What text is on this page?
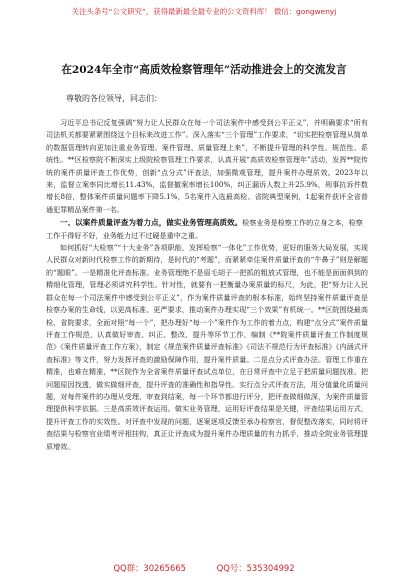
关注头条号“公文研究”，获得最新最全最专业的公文资料库！ 微信：gongwenyj
在2024年全市“高质效检察管理年”活动推进会上的交流发言
尊敬的各位领导，同志们：

习近平总书记反复强调“努力让人民群众在每一个司法案件中感受到公平正义”，并明确要求“所有司法机关都要紧紧围绕这个目标来改进工作”。深入落实“三个管理”工作要求，“切实把检察管理从简单的数据管理转向更加注重业务管理、案件管理、质量管理上来”，不断提升管理的科学性、规范性、系统性。**区检察院不断深实上级院检察管理工作要求，认真开展“高质效检察管理年”活动，发挥**院传统的案件质量评查工作优势，创新“点分式”评查法，加强微观管理，提升案件办理质效。2023年以来，监督立案率同比增长11.43%，监督撤案率增长100%，纠正漏诉人数上升25.9%，刑事抗诉件数增长8倍，整体案件质量问题率下降5.1%，5名案件入选最高检、省院典型案例，1起案件获评全省普通犯罪精品案件第一名。

一、以案件质量评查为着力点，做实业务管理高质效。检察业务是检察工作的立身之本，检察工作干得好不好，业务能力过不过硬是重中之重。

如何抓好“大检察”“十大业务”各项职能，发挥检察“一体化”工作优势，更好的服务大局发展，实现人民群众对新时代检察工作的新期待，是时代的“考题”，而紧紧牵住案件质量评查的“牛鼻子”则是解题的“题眼”。一是精准化评查标准。业务管理绝不是眉毛胡子一把抓的粗放式管理，也不能是面面俱到的精细化管理，管理必须讲究科学性。针对性，就要有一把衡量办案质量的标尺，为此，把“努力让人民群众在每一个司法案件中感受到公平正义”，作为案件质量评查的根本标准，始终坚持案件质量评查是检察办案的生命线，以更高标准、更严要求，推动案件办理实现“三个效果”有机统一。**区院围绕最高检、省院要求，全面对照“每一个”，把办理好“每一个”案件作为工作的着力点，构建“点分式”案件质量评查工作规范，认真做好审查、纠正、整改、提升等环节工作，编制《**院案件质量评查工作制度规范》《案件质量评查工作方案》，制定《规范案件质量评查标准》《司法不规范行为评查标准》《内涵式评查标准》等文件，努力发挥评查的激励保障作用，提升案件质量。二是点分式评查办法。管理工作重在精准，也难在精准，**区院作为全省案件质量评查试点单位，在日常评查中立足于把质量问题找准、把问题原因找透，做实做细评查，提升评查的准确性和指导性。实行点分式评查方法，用分值量化质量问题，对每件案件的办理从受理、审查到结案，每一个环节都进行评分，把评查做细做深，为案件质量管理提供科学依据。三是高质效评查运用。做实业务管理，运用好评查结果是关键，评查结果运用方式，提升评查工作的实效性。对评查中发现的问题，逐案逐项反馈至承办检察官，督促整改落实，同时将评查结果与检察官业绩考评相挂钩，真正让评查成为提升案件办理质量的有力抓手，推动全院业务管理提质增效。

QQ群：30265665	QQ号：535304992
